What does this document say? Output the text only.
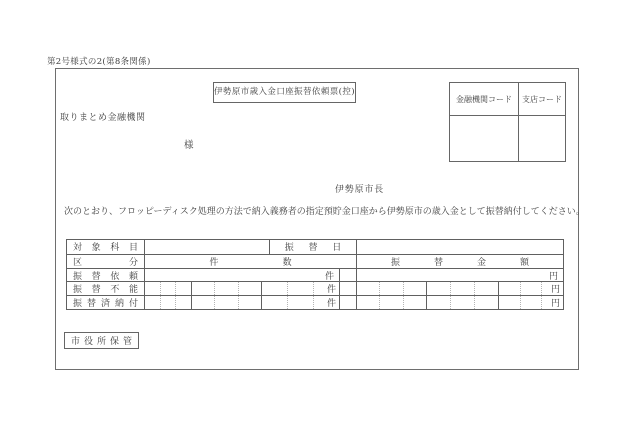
第2号様式の2(第8条関係)
伊勢原市歳入金口座振替依頼票(控)
金融機関コード	支店コード
取りまとめ金融機関
様
伊勢原市長
次のとおり、フロッピーディスク処理の方法で納入義務者の指定預貯金口座から伊勢原市の歳入金として振替納付してください。
対 象 科 目	振 替 日
区	分	件	数	振	替	金	額
振 替 依 頼	件	円
振 替 不 能	件	円
振 替 済 納 付	件	円
市 役 所 保 管
